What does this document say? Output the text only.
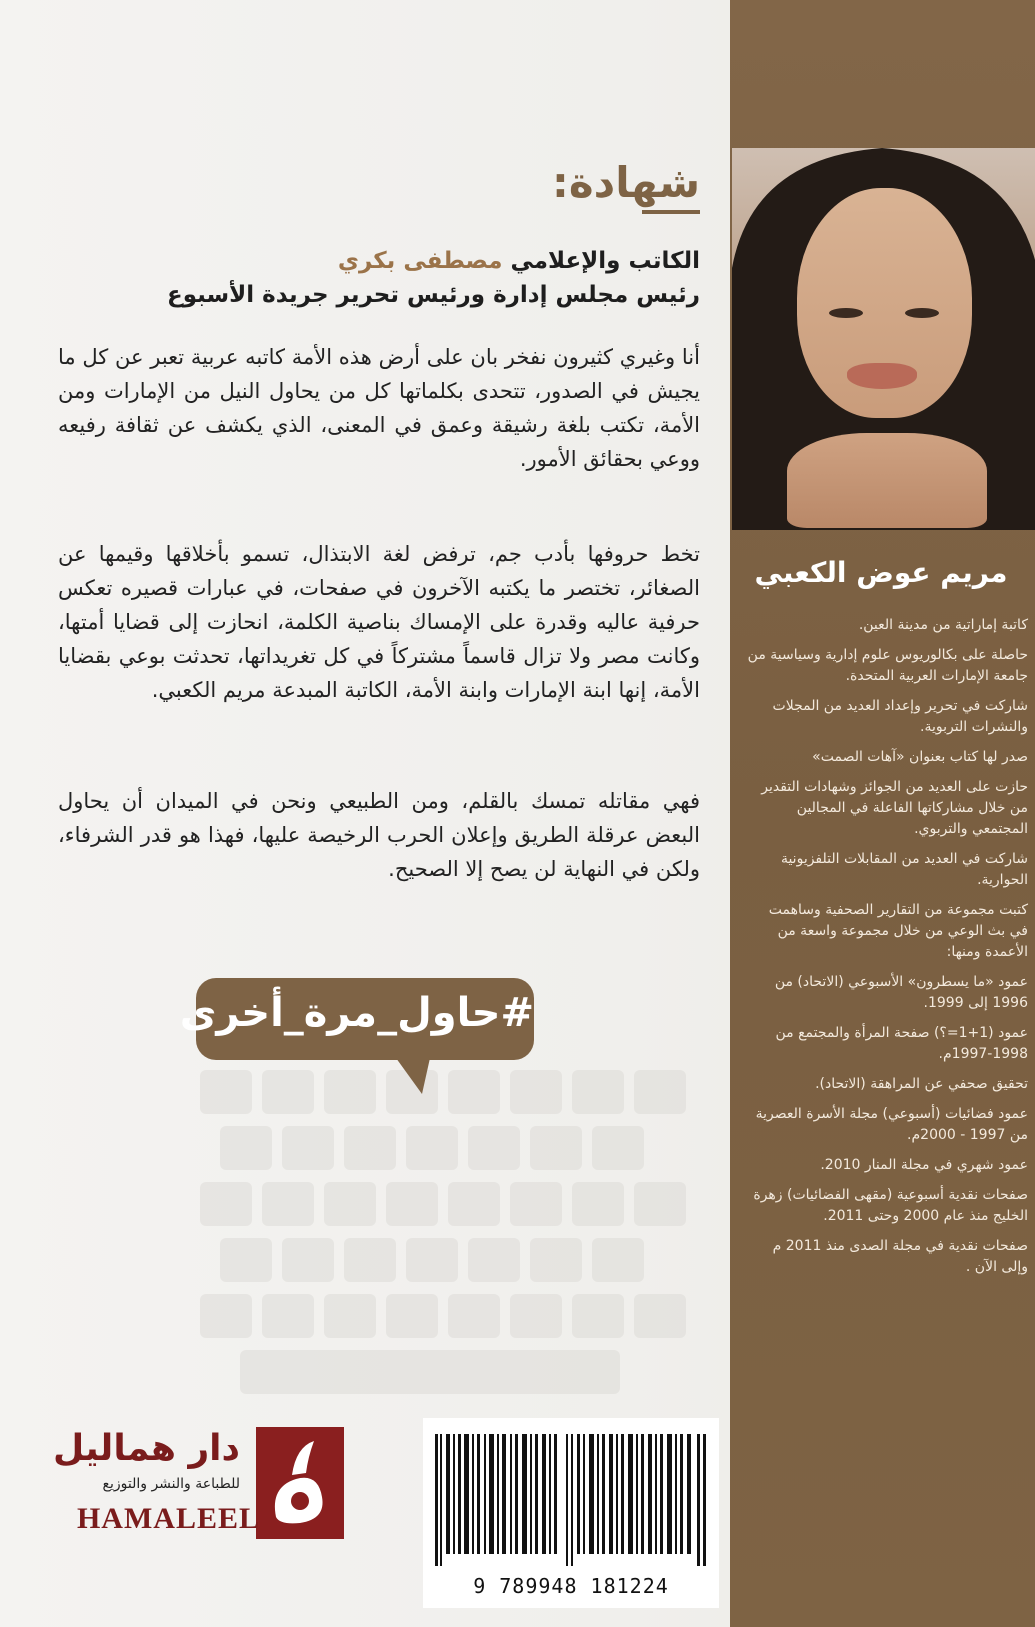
شهادة:
الكاتب والإعلامي مصطفى بكري
رئيس مجلس إدارة ورئيس تحرير جريدة الأسبوع

أنا وغيري كثيرون نفخر بان على أرض هذه الأمة كاتبه عربية تعبر عن كل ما يجيش في الصدور، تتحدى بكلماتها كل من يحاول النيل من الإمارات ومن الأمة، تكتب بلغة رشيقة وعمق في المعنى، الذي يكشف عن ثقافة رفيعه ووعي بحقائق الأمور.

تخط حروفها بأدب جم، ترفض لغة الابتذال، تسمو بأخلاقها وقيمها عن الصغائر، تختصر ما يكتبه الآخرون في صفحات، في عبارات قصيره تعكس حرفية عاليه وقدرة على الإمساك بناصية الكلمة، انحازت إلى قضايا أمتها، وكانت مصر ولا تزال قاسماً مشتركاً في كل تغريداتها، تحدثت بوعي بقضايا الأمة، إنها ابنة الإمارات وابنة الأمة، الكاتبة المبدعة مريم الكعبي.

فهي مقاتله تمسك بالقلم، ومن الطبيعي ونحن في الميدان أن يحاول البعض عرقلة الطريق وإعلان الحرب الرخيصة عليها، فهذا هو قدر الشرفاء، ولكن في النهاية لن يصح إلا الصحيح.

#حاول_مرة_أخرى
مريم عوض الكعبي

كاتبة إماراتية من مدينة العين.

حاصلة على بكالوريوس علوم إدارية وسياسية من جامعة الإمارات العربية المتحدة.

شاركت في تحرير وإعداد العديد من المجلات والنشرات التربوية.

صدر لها كتاب بعنوان «آهات الصمت»

حازت على العديد من الجوائز وشهادات التقدير من خلال مشاركاتها الفاعلة في المجالين المجتمعي والتربوي.

شاركت في العديد من المقابلات التلفزيونية الحوارية.

كتبت مجموعة من التقارير الصحفية وساهمت في بث الوعي من خلال مجموعة واسعة من الأعمدة ومنها:

عمود «ما يسطرون» الأسبوعي (الاتحاد) من 1996 إلى 1999.

عمود (1+1=؟) صفحة المرأة والمجتمع من 1998-1997م.

تحقيق صحفي عن المراهقة (الاتحاد).

عمود فضائيات (أسبوعي) مجلة الأسرة العصرية من 1997 - 2000م.

عمود شهري في مجلة المنار 2010.

صفحات نقدية أسبوعية (مقهى الفضائيات) زهرة الخليج منذ عام 2000 وحتى 2011.

صفحات نقدية في مجلة الصدى منذ 2011 م وإلى الآن .

9 789948 181224
دار هماليل
للطباعة والنشر والتوزيع
HAMALEEL
